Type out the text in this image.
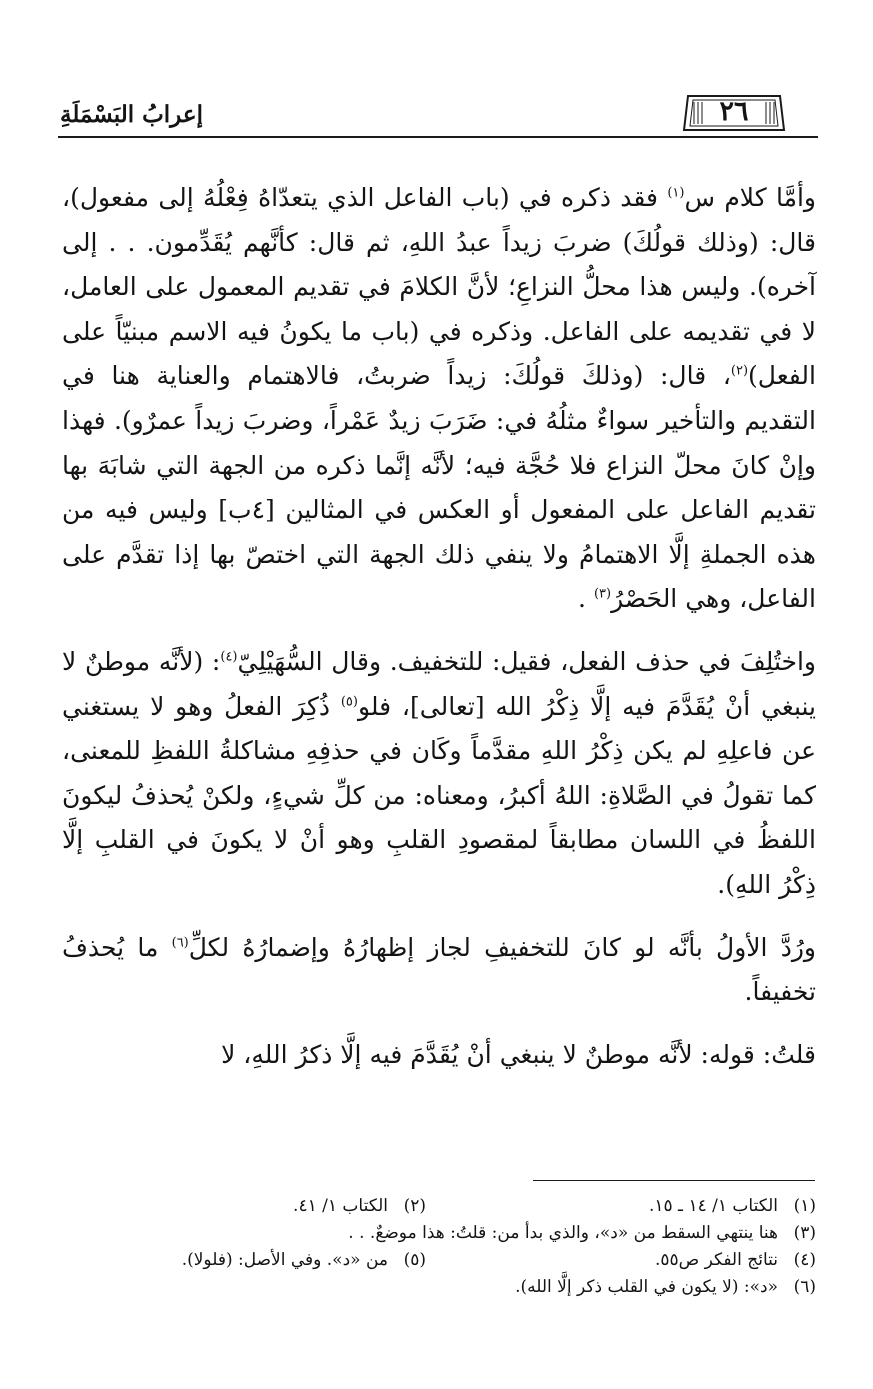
٢٦
إعرابُ البَسْمَلَةِ

وأمَّا كلام س$^{(١)}$ فقد ذكره في (باب الفاعل الذي يتعدّاهُ فِعْلُهُ إلى مفعول)، قال: (وذلك قولُكَ) ضربَ زيداً عبدُ اللهِ، ثم قال: كأنَّهم يُقَدِّمون. . . إلى آخره). وليس هذا محلُّ النزاعِ؛ لأنَّ الكلامَ في تقديم المعمول على العامل، لا في تقديمه على الفاعل. وذكره في (باب ما يكونُ فيه الاسم مبنيّاً على الفعل)$^{(٢)}$، قال: (وذلكَ قولُكَ: زيداً ضربتُ، فالاهتمام والعناية هنا في التقديم والتأخير سواءٌ مثلُهُ في: ضَرَبَ زيدٌ عَمْراً، وضربَ زيداً عمرٌو). فهذا وإنْ كانَ محلّ النزاع فلا حُجَّة فيه؛ لأنَّه إنَّما ذكره من الجهة التي شابَهَ بها تقديم الفاعل على المفعول أو العكس في المثالين [٤ب] وليس فيه من هذه الجملةِ إلَّا الاهتمامُ ولا ينفي ذلك الجهة التي اختصّ بها إذا تقدَّم على الفاعل، وهي الحَصْرُ$^{(٣)}$ .

واختُلِفَ في حذف الفعل، فقيل: للتخفيف. وقال السُّهَيْلِيّ$^{(٤)}$: (لأنَّه موطنٌ لا ينبغي أنْ يُقَدَّمَ فيه إلَّا ذِكْرُ الله [تعالى]، فلو$^{(٥)}$ ذُكِرَ الفعلُ وهو لا يستغني عن فاعلِهِ لم يكن ذِكْرُ اللهِ مقدَّماً وكَان في حذفِهِ مشاكلةُ اللفظِ للمعنى، كما تقولُ في الصَّلاةِ: اللهُ أكبرُ، ومعناه: من كلِّ شيءٍ، ولكنْ يُحذفُ ليكونَ اللفظُ في اللسان مطابقاً لمقصودِ القلبِ وهو أنْ لا يكونَ في القلبِ إلَّا ذِكْرُ اللهِ).

ورُدَّ الأولُ بأنَّه لو كانَ للتخفيفِ لجاز إظهارُهُ وإضمارُهُ لكلِّ$^{(٦)}$ ما يُحذفُ تخفيفاً.

قلتُ: قوله: لأنَّه موطنٌ لا ينبغي أنْ يُقَدَّمَ فيه إلَّا ذكرُ اللهِ، لا

(١)
الكتاب ١/ ١٤ ـ ١٥.
(٢)
الكتاب ١/ ٤١.
(٣)
هنا ينتهي السقط من «د»، والذي بدأ من: قلتُ: هذا موضعٌ. . .
(٤)
نتائج الفكر ص٥٥.
(٥)
من «د». وفي الأصل: (فلولا).
(٦)
«د»: (لا يكون في القلب ذكر إلَّا الله).
